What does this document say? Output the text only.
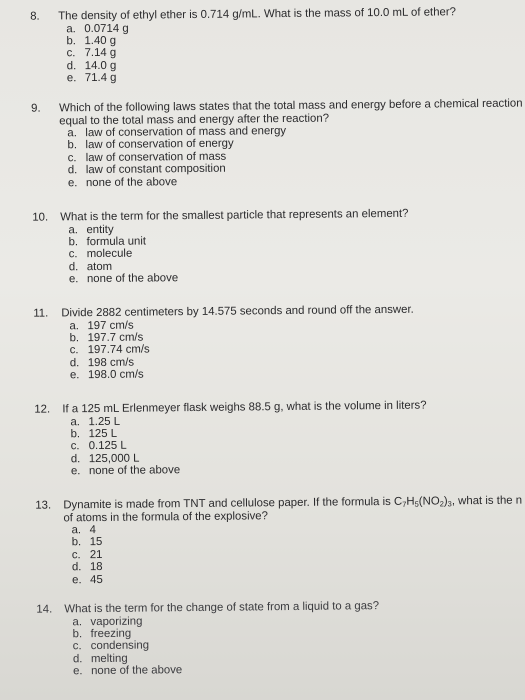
8.	The density of ethyl ether is 0.714 g/mL. What is the mass of 10.0 mL of ether?
a. 0.0714 g
b. 1.40 g
c. 7.14 g
d. 14.0 g
e. 71.4 g
9.	Which of the following laws states that the total mass and energy before a chemical reaction
equal to the total mass and energy after the reaction?
a. law of conservation of mass and energy
b. law of conservation of energy
c. law of conservation of mass
d. law of constant composition
e. none of the above
10.	What is the term for the smallest particle that represents an element?
a. entity
b. formula unit
c. molecule
d. atom
e. none of the above
11.	Divide 2882 centimeters by 14.575 seconds and round off the answer.
a. 197 cm/s
b. 197.7 cm/s
c. 197.74 cm/s
d. 198 cm/s
e. 198.0 cm/s
12.	If a 125 mL Erlenmeyer flask weighs 88.5 g, what is the volume in liters?
a. 1.25 L
b. 125 L
c. 0.125 L
d. 125,000 L
e. none of the above
13.	Dynamite is made from TNT and cellulose paper. If the formula is $C_7H_5(NO_2)_3$, what is the n
of atoms in the formula of the explosive?
a. 4
b. 15
c. 21
d. 18
e. 45
14.	What is the term for the change of state from a liquid to a gas?
a. vaporizing
b. freezing
c. condensing
d. melting
e. none of the above
